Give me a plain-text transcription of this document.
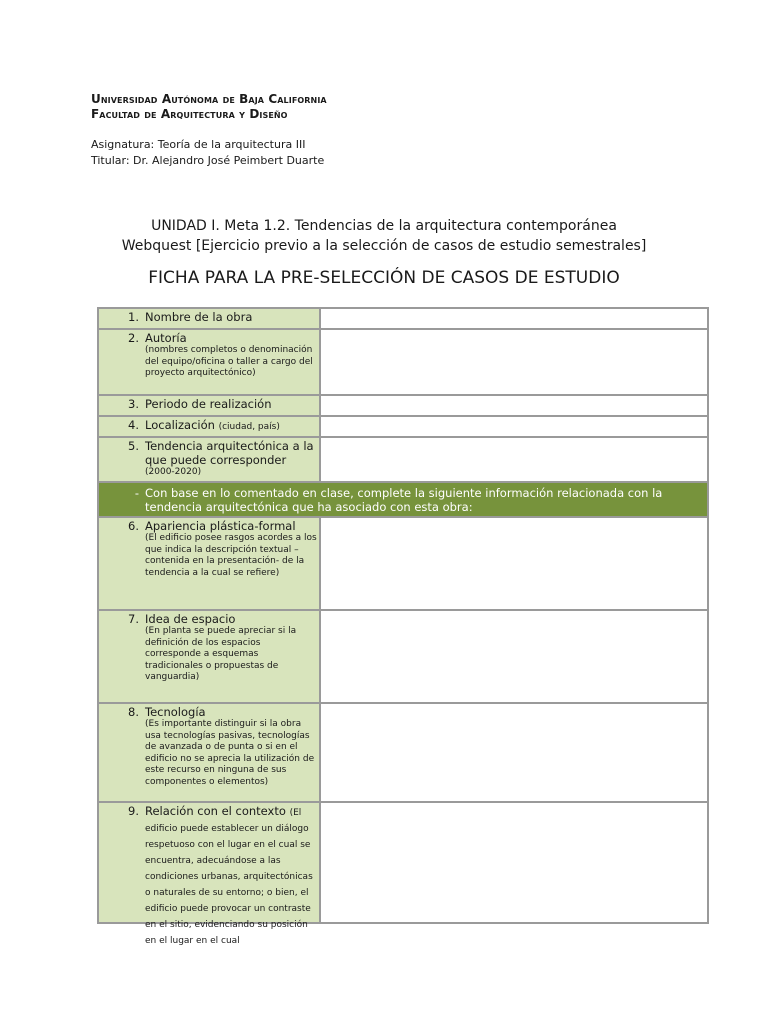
Universidad Autónoma de Baja California
Facultad de Arquitectura y Diseño
Asignatura: Teoría de la arquitectura III
Titular: Dr. Alejandro José Peimbert Duarte
UNIDAD I. Meta 1.2. Tendencias de la arquitectura contemporánea
Webquest [Ejercicio previo a la selección de casos de estudio semestrales]
FICHA PARA LA PRE-SELECCIÓN DE CASOS DE ESTUDIO
1. Nombre de la obra
2. Autoría
(nombres completos o denominación del equipo/oficina o taller a cargo del proyecto arquitectónico)
3. Periodo de realización
4. Localización (ciudad, país)
5. Tendencia arquitectónica a la que puede corresponder
(2000-2020)
- Con base en lo comentado en clase, complete la siguiente información relacionada con la tendencia arquitectónica que ha asociado con esta obra:
6. Apariencia plástica-formal
(El edificio posee rasgos acordes a los que indica la descripción textual –contenida en la presentación- de la tendencia a la cual se refiere)
7. Idea de espacio
(En planta se puede apreciar si la definición de los espacios corresponde a esquemas tradicionales o propuestas de vanguardia)
8. Tecnología
(Es importante distinguir si la obra usa tecnologías pasivas, tecnologías de avanzada o de punta o si en el edificio no se aprecia la utilización de este recurso en ninguna de sus componentes o elementos)
9. Relación con el contexto (El edificio puede establecer un diálogo respetuoso con el lugar en el cual se encuentra, adecuándose a las condiciones urbanas, arquitectónicas o naturales de su entorno; o bien, el edificio puede provocar un contraste en el sitio, evidenciando su posición en el lugar en el cual
